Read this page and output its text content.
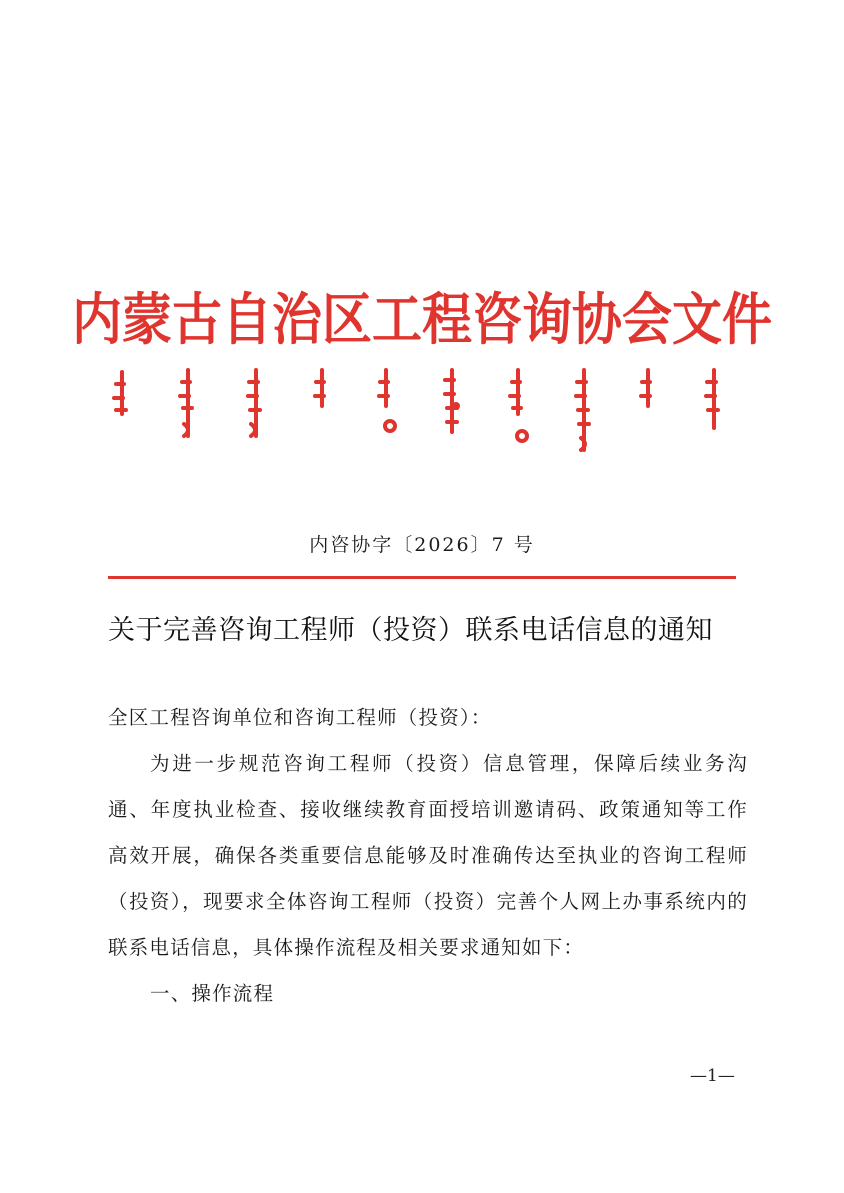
内蒙古自治区工程咨询协会文件
内咨协字〔2026〕7 号
关于完善咨询工程师（投资）联系电话信息的通知

全区工程咨询单位和咨询工程师（投资）：

为进一步规范咨询工程师（投资）信息管理，保障后续业务沟通、年度执业检查、接收继续教育面授培训邀请码、政策通知等工作高效开展，确保各类重要信息能够及时准确传达至执业的咨询工程师（投资），现要求全体咨询工程师（投资）完善个人网上办事系统内的联系电话信息，具体操作流程及相关要求通知如下：

一、操作流程

—1—
